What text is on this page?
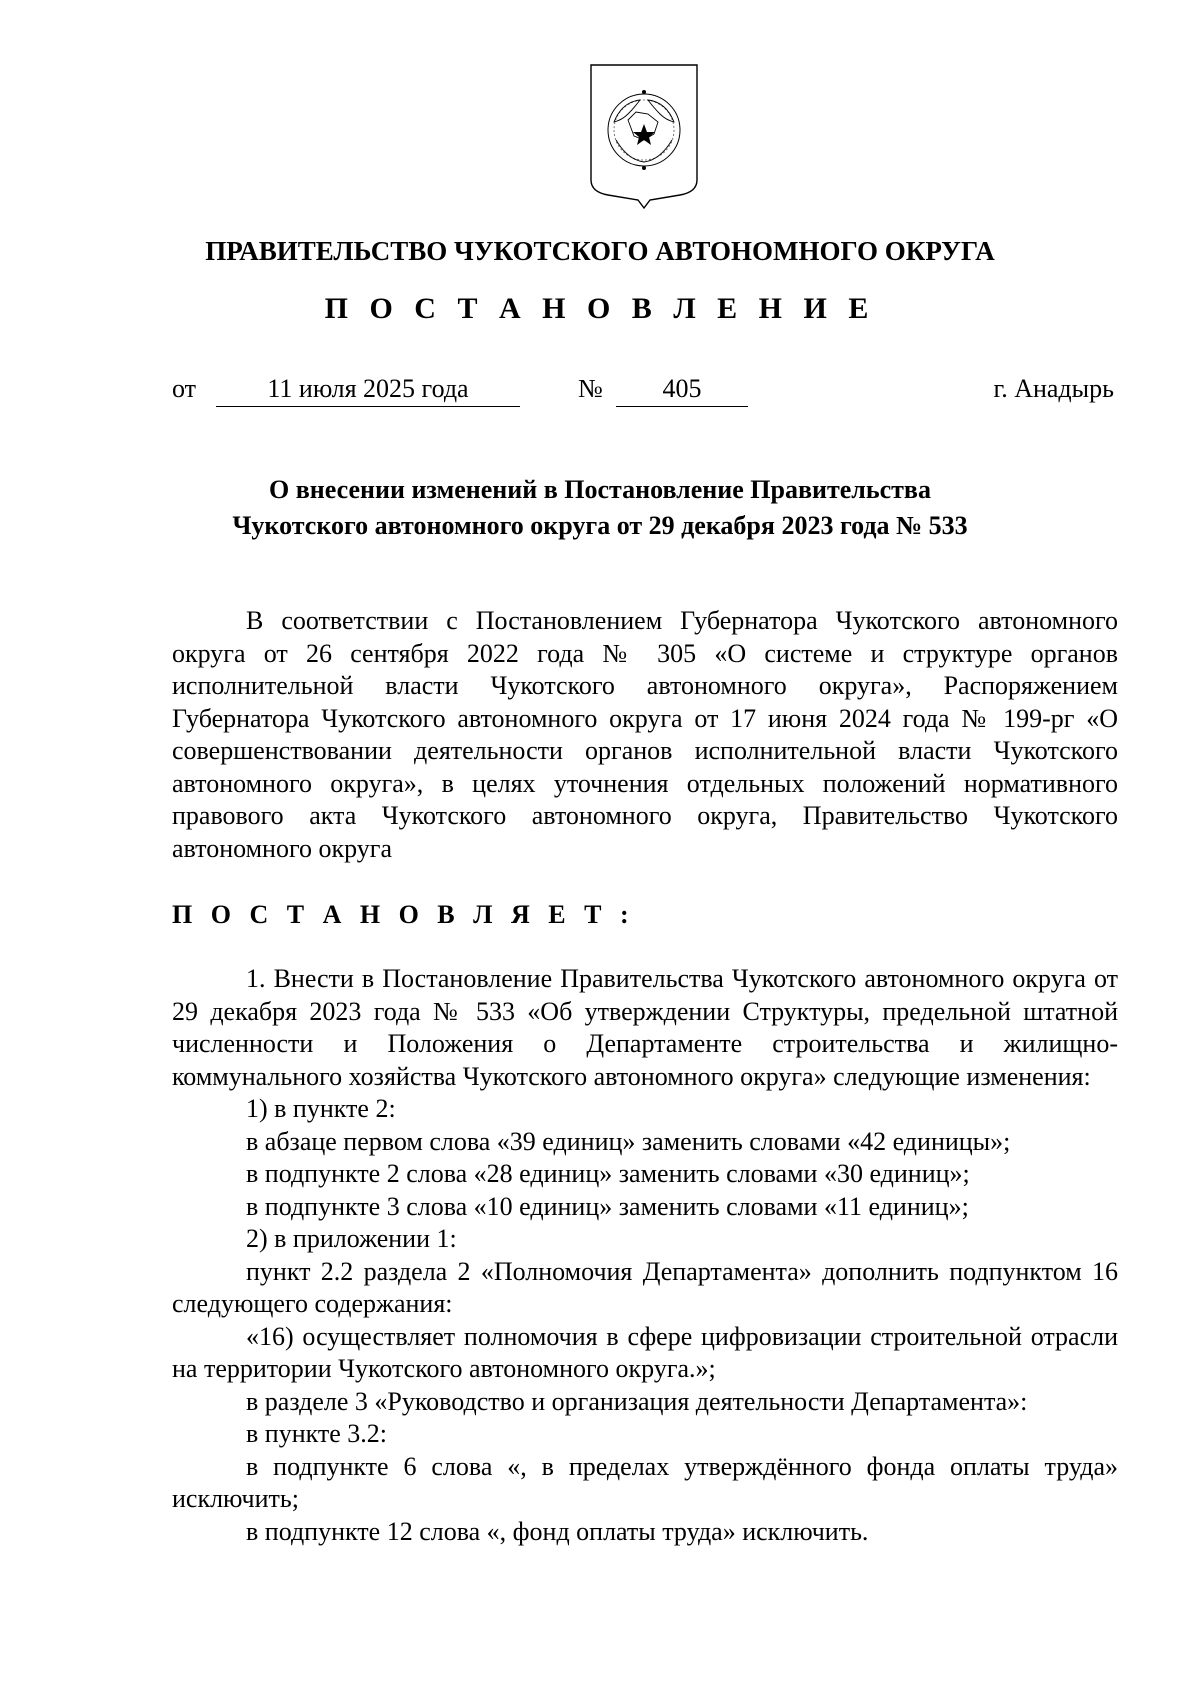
ПРАВИТЕЛЬСТВО ЧУКОТСКОГО АВТОНОМНОГО ОКРУГА
П О С Т А Н О В Л Е Н И Е
от	11 июля 2025 года	№	405	г. Анадырь
О внесении изменений в Постановление Правительства
Чукотского автономного округа от 29 декабря 2023 года № 533

В соответствии с Постановлением Губернатора Чукотского автономного округа от 26 сентября 2022 года № 305 «О системе и структуре органов исполнительной власти Чукотского автономного округа», Распоряжением Губернатора Чукотского автономного округа от 17 июня 2024 года № 199-рг «О совершенствовании деятельности органов исполнительной власти Чукотского автономного округа», в целях уточнения отдельных положений нормативного правового акта Чукотского автономного округа, Правительство Чукотского автономного округа

П О С Т А Н О В Л Я Е Т :

1. Внести в Постановление Правительства Чукотского автономного округа от 29 декабря 2023 года № 533 «Об утверждении Структуры, предельной штатной численности и Положения о Департаменте строительства и жилищно-коммунального хозяйства Чукотского автономного округа» следующие изменения:

1) в пункте 2:

в абзаце первом слова «39 единиц» заменить словами «42 единицы»;

в подпункте 2 слова «28 единиц» заменить словами «30 единиц»;

в подпункте 3 слова «10 единиц» заменить словами «11 единиц»;

2) в приложении 1:

пункт 2.2 раздела 2 «Полномочия Департамента» дополнить подпунктом 16 следующего содержания:

«16) осуществляет полномочия в сфере цифровизации строительной отрасли на территории Чукотского автономного округа.»;

в разделе 3 «Руководство и организация деятельности Департамента»:

в пункте 3.2:

в подпункте 6 слова «, в пределах утверждённого фонда оплаты труда» исключить;

в подпункте 12 слова «, фонд оплаты труда» исключить.
